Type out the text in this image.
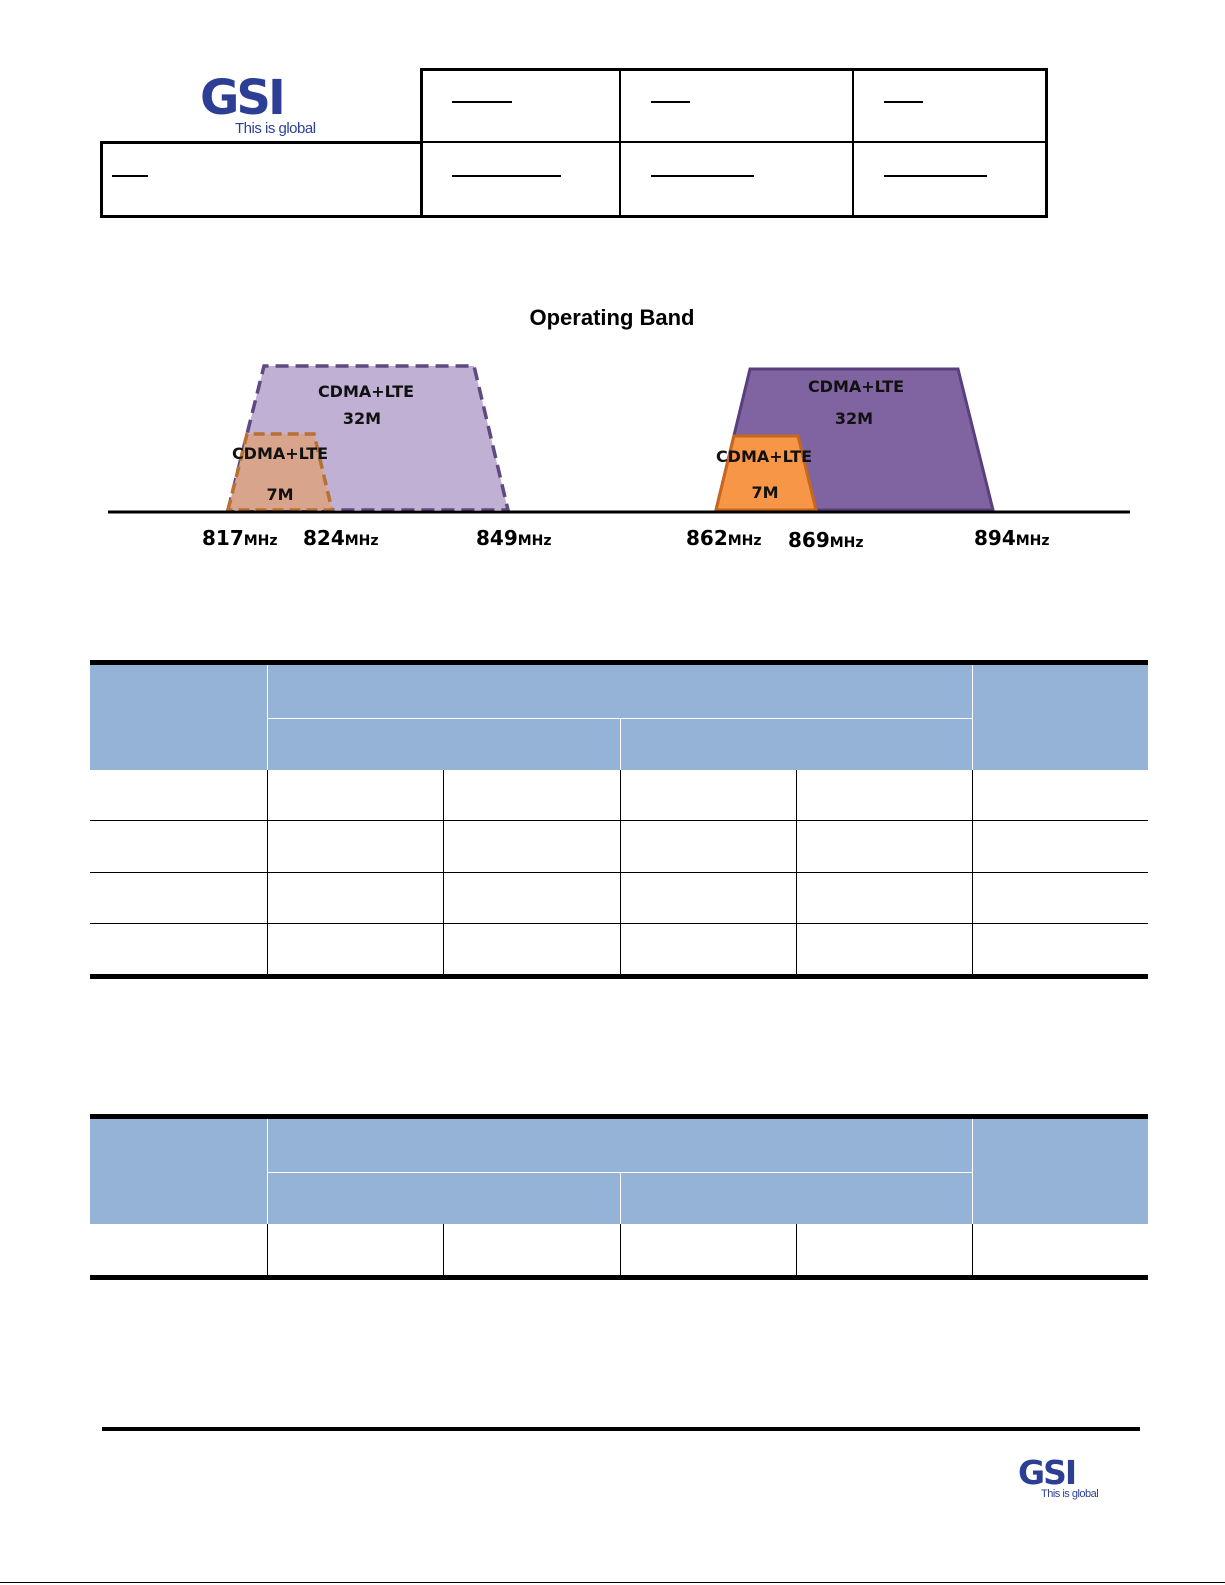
GSI
This is global
Operating Band
CDMA+LTE
32M
CDMA+LTE
7M
CDMA+LTE
32M
CDMA+LTE
7M
817MHz 824MHz	849MHz	862MHz 869MHz	894MHz

GSI
This is global
